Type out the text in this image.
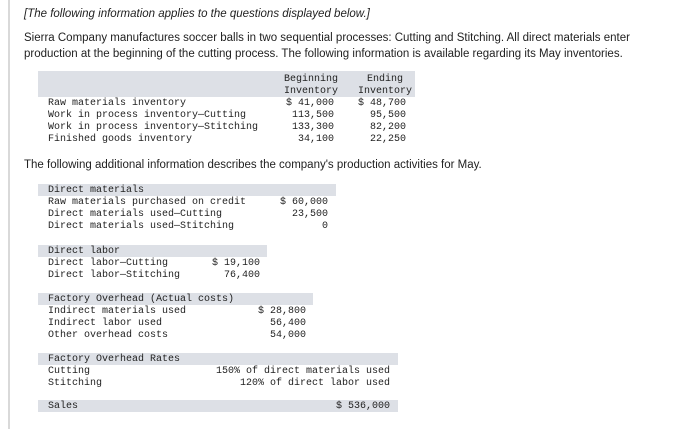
[The following information applies to the questions displayed below.]
Sierra Company manufactures soccer balls in two sequential processes: Cutting and Stitching. All direct materials enter
production at the beginning of the cutting process. The following information is available regarding its May inventories.
Beginning
Inventory
Ending
Inventory
Raw materials inventory	$ 41,000	$ 48,700
Work in process inventory—Cutting	113,500	95,500
Work in process inventory—Stitching	133,300	82,200
Finished goods inventory	34,100	22,250
The following additional information describes the company's production activities for May.
Direct materials
Raw materials purchased on credit	$ 60,000
Direct materials used—Cutting	23,500
Direct materials used—Stitching	0
Direct labor
Direct labor—Cutting	$ 19,100
Direct labor—Stitching	76,400
Factory Overhead (Actual costs)
Indirect materials used	$ 28,800
Indirect labor used	56,400
Other overhead costs	54,000
Factory Overhead Rates
Cutting	150% of direct materials used
Stitching	120% of direct labor used
Sales	$ 536,000
